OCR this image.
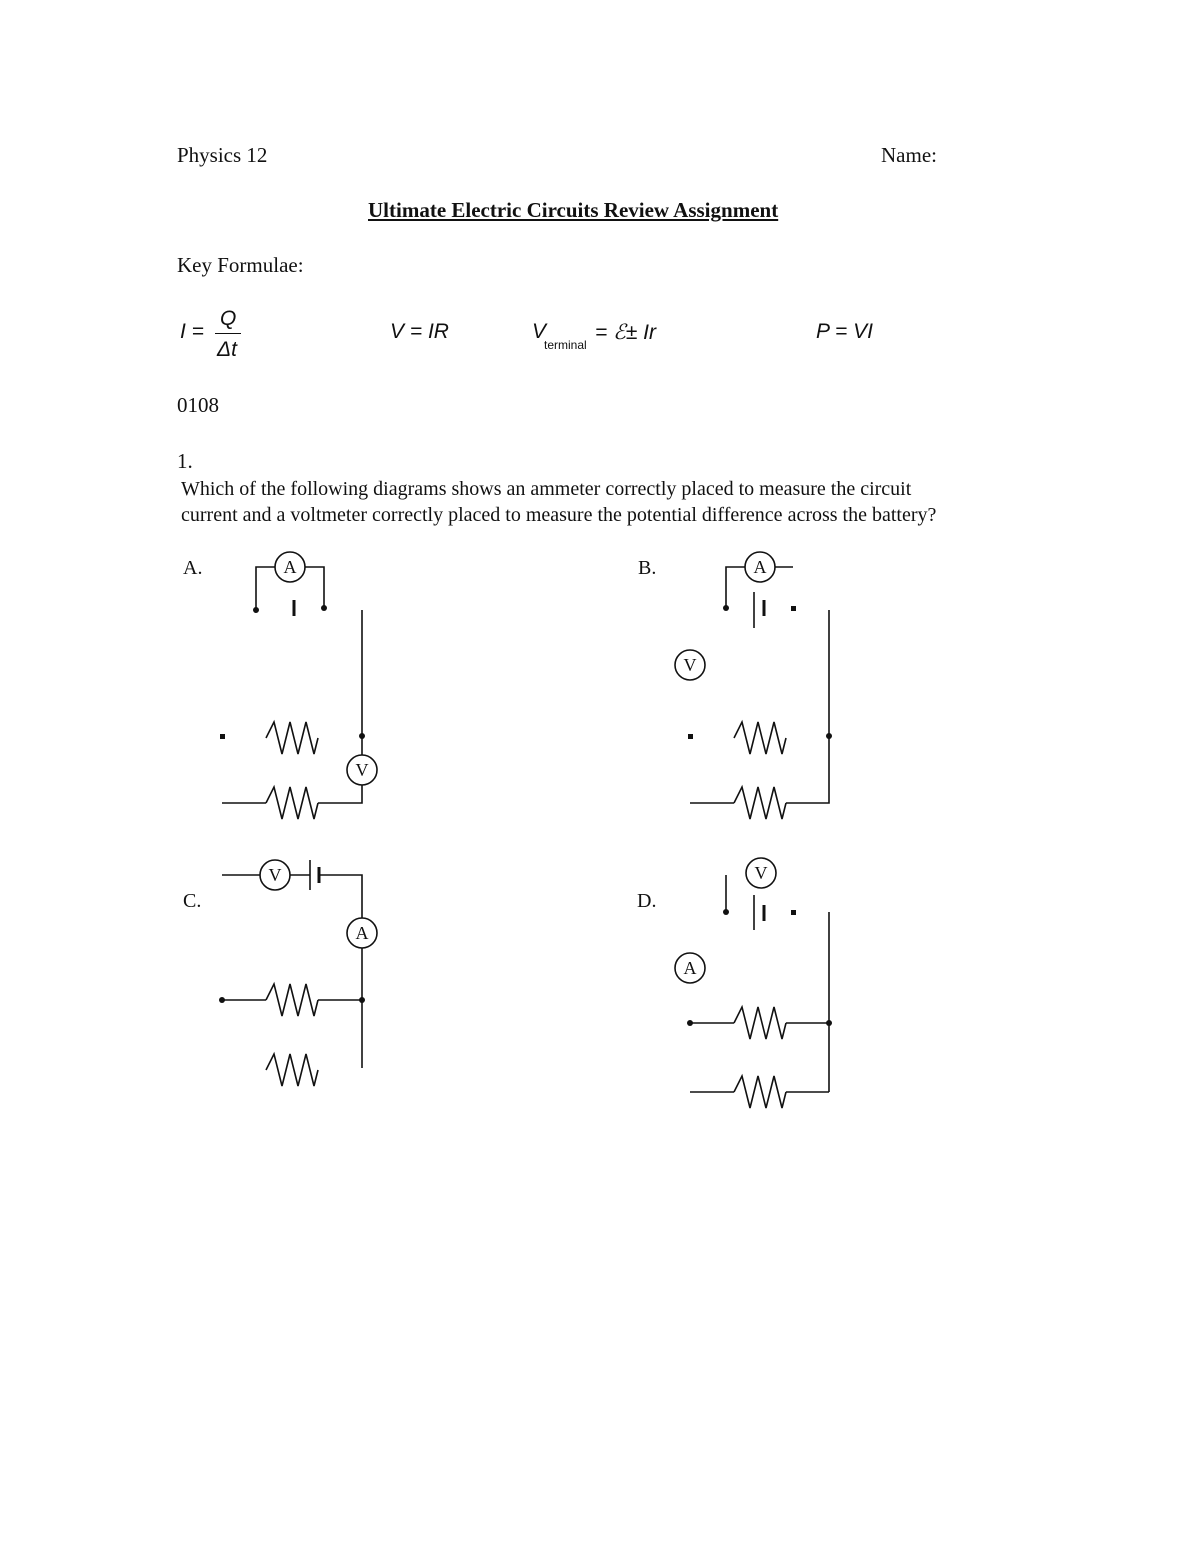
Physics 12	Name:
Ultimate Electric Circuits Review Assignment
Key Formulae:
I =
Q
Δt
V = IR	V
terminal
= ℰ± Ir	P = VI
0108
1.
Which of the following diagrams shows an ammeter correctly placed to measure the circuit
current and a voltmeter correctly placed to measure the potential difference across the battery?
A.	B.
C.	D.
A
V
A
V
V
A
V
A
